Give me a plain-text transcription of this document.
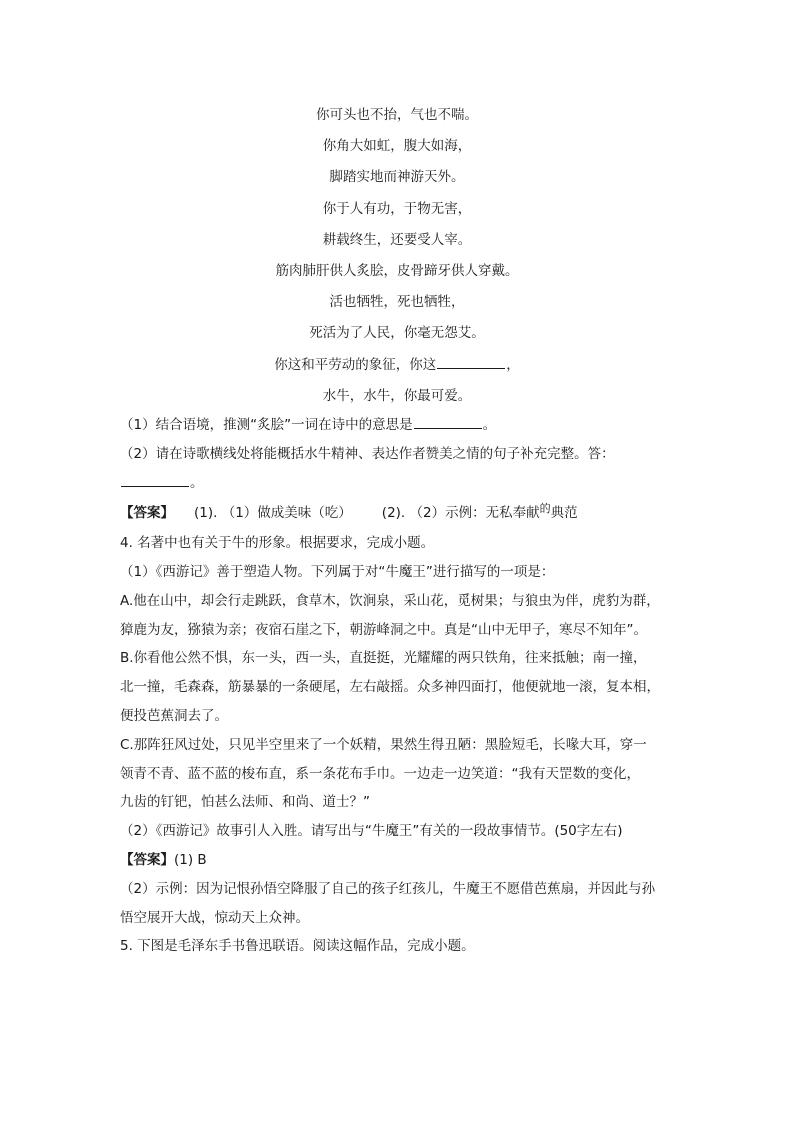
你可头也不抬，气也不喘。
你角大如虹，腹大如海，
脚踏实地而神游天外。
你于人有功，于物无害，
耕载终生，还要受人宰。
筋肉肺肝供人炙脍，皮骨蹄牙供人穿戴。
活也牺牲，死也牺牲，
死活为了人民，你毫无怨艾。
你这和平劳动的象征，你这	，
水牛，水牛，你最可爱。
（1）结合语境，推测“炙脍”一词在诗中的意思是	。
（2）请在诗歌横线处将能概括水牛精神、表达作者赞美之情的句子补充完整。答：
。
【答案】 (1). （1）做成美味（吃） (2). （2）示例：无私奉献$^的$典范
4. 名著中也有关于牛的形象。根据要求，完成小题。
（1）《西游记》善于塑造人物。下列属于对“牛魔王”进行描写的一项是：
A.他在山中，却会行走跳跃，食草木，饮涧泉，采山花，觅树果；与狼虫为伴，虎豹为群，
獐鹿为友，猕猿为亲；夜宿石崖之下，朝游峰洞之中。真是“山中无甲子，寒尽不知年”。
B.你看他公然不惧，东一头，西一头，直挺挺，光耀耀的两只铁角，往来抵触；南一撞，
北一撞，毛森森，筋暴暴的一条硬尾，左右敲摇。众多神四面打，他便就地一滚，复本相，
便投芭蕉洞去了。
C.那阵狂风过处，只见半空里来了一个妖精，果然生得丑陋：黑脸短毛，长喙大耳，穿一
领青不青、蓝不蓝的梭布直，系一条花布手巾。一边走一边笑道：“我有天罡数的变化，
九齿的钉钯，怕甚么法师、和尚、道士？”
（2）《西游记》故事引人入胜。请写出与“牛魔王”有关的一段故事情节。(50字左右)
【答案】(1) B
（2）示例：因为记恨孙悟空降服了自己的孩子红孩儿，牛魔王不愿借芭蕉扇，并因此与孙
悟空展开大战，惊动天上众神。
5. 下图是毛泽东手书鲁迅联语。阅读这幅作品，完成小题。
